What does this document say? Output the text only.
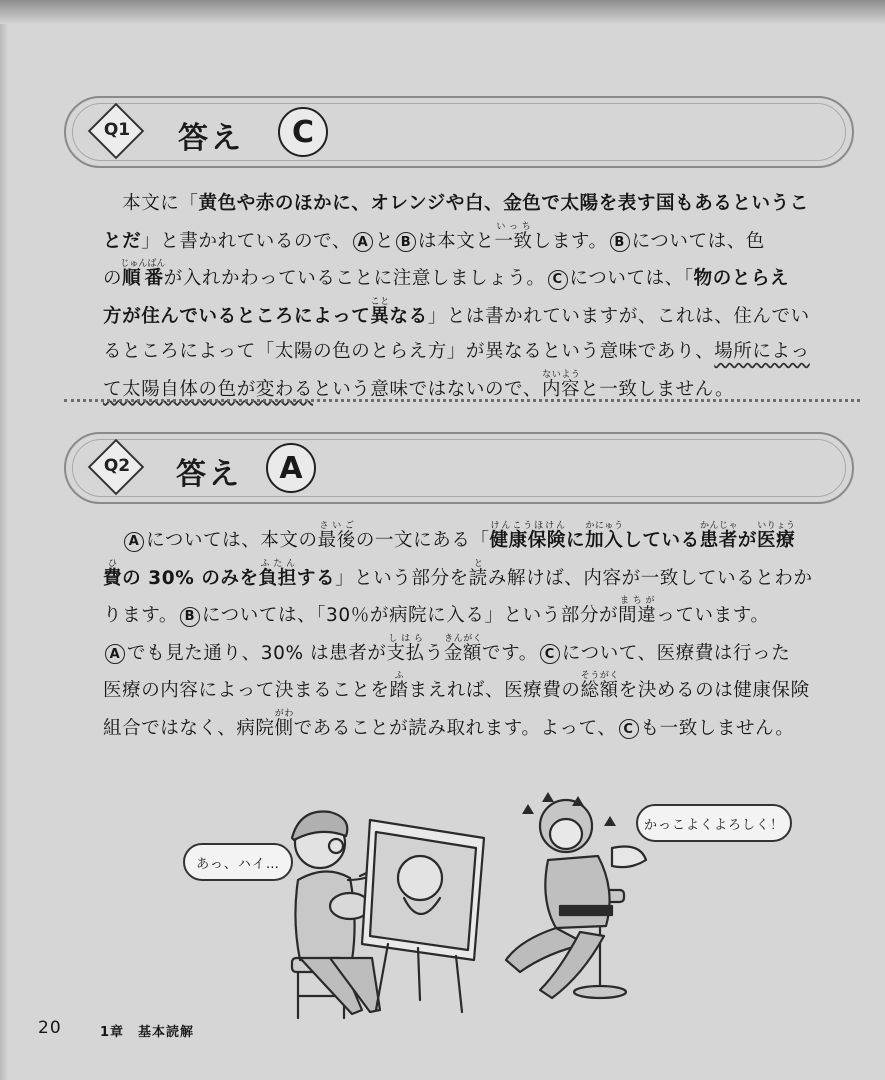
Q1	答え	C
　本文に「黄色や赤のほかに、オレンジや白、金色で太陽を表す国もあるというこ
とだ」と書かれているので、 A と B は本文と一致いっちします。 B については、色
の順番じゅんばんが入れかわっていることに注意しましょう。 C については、「物のとらえ
方が住んでいるところによって異ことなる」とは書かれていますが、これは、住んでい
るところによって「太陽の色のとらえ方」が異なるという意味であり、場所によっ
て太陽自体の色が変わるという意味ではないので、内容ないようと一致しません。
Q2	答え	A
　A については、本文の最後さいごの一文にある「健康保険けんこうほけんに加入かにゅうしている患者かんじゃが医療いりょう
費ひの 30% のみを負担ふたんする」という部分を読とみ解けば、内容が一致しているとわか
ります。 B については、「30％が病院に入る」という部分が間違まちがっています。
A でも見た通り、30% は患者が支払しはらう金額きんがくです。 C について、医療費は行った
医療の内容によって決まることを踏ふまえれば、医療費の総額そうがくを決めるのは健康保険
組合ではなく、病院側がわであることが読み取れます。よって、 C も一致しません。
あっ、ハイ…
かっこよくよろしく！
20	1章　基本読解
